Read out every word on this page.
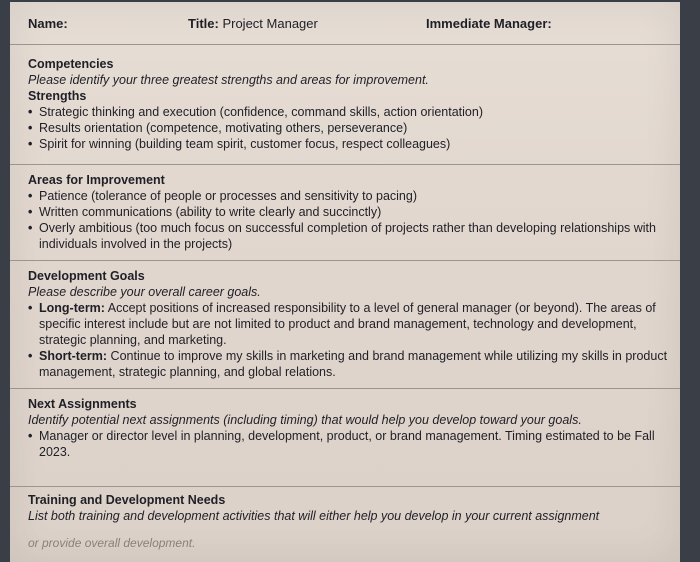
Name:	Title: Project Manager	Immediate Manager:

Competencies

Please identify your three greatest strengths and areas for improvement.

Strengths

• Strategic thinking and execution (confidence, command skills, action orientation)
• Results orientation (competence, motivating others, perseverance)
• Spirit for winning (building team spirit, customer focus, respect colleagues)

Areas for Improvement

• Patience (tolerance of people or processes and sensitivity to pacing)
• Written communications (ability to write clearly and succinctly)
• Overly ambitious (too much focus on successful completion of projects rather than developing relationships with individuals involved in the projects)

Development Goals

Please describe your overall career goals.

• Long-term: Accept positions of increased responsibility to a level of general manager (or beyond). The areas of specific interest include but are not limited to product and brand management, technology and development, strategic planning, and marketing.
• Short-term: Continue to improve my skills in marketing and brand management while utilizing my skills in product management, strategic planning, and global relations.

Next Assignments

Identify potential next assignments (including timing) that would help you develop toward your goals.

• Manager or director level in planning, development, product, or brand management. Timing estimated to be Fall 2023.

Training and Development Needs

List both training and development activities that will either help you develop in your current assignment

or provide overall development.
